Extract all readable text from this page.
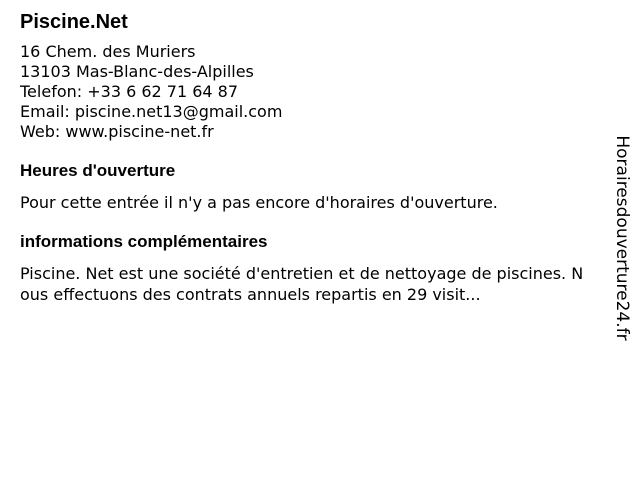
Piscine.Net
16 Chem. des Muriers
13103 Mas-Blanc-des-Alpilles
Telefon: +33 6 62 71 64 87
Email: piscine.net13@gmail.com
Web: www.piscine-net.fr
Heures d'ouverture
Pour cette entrée il n'y a pas encore d'horaires d'ouverture.
informations complémentaires
Piscine. Net est une société d'entretien et de nettoyage de piscines. Nous effectuons des contrats annuels repartis en 29 visit...	Horairesdouverture24.fr
